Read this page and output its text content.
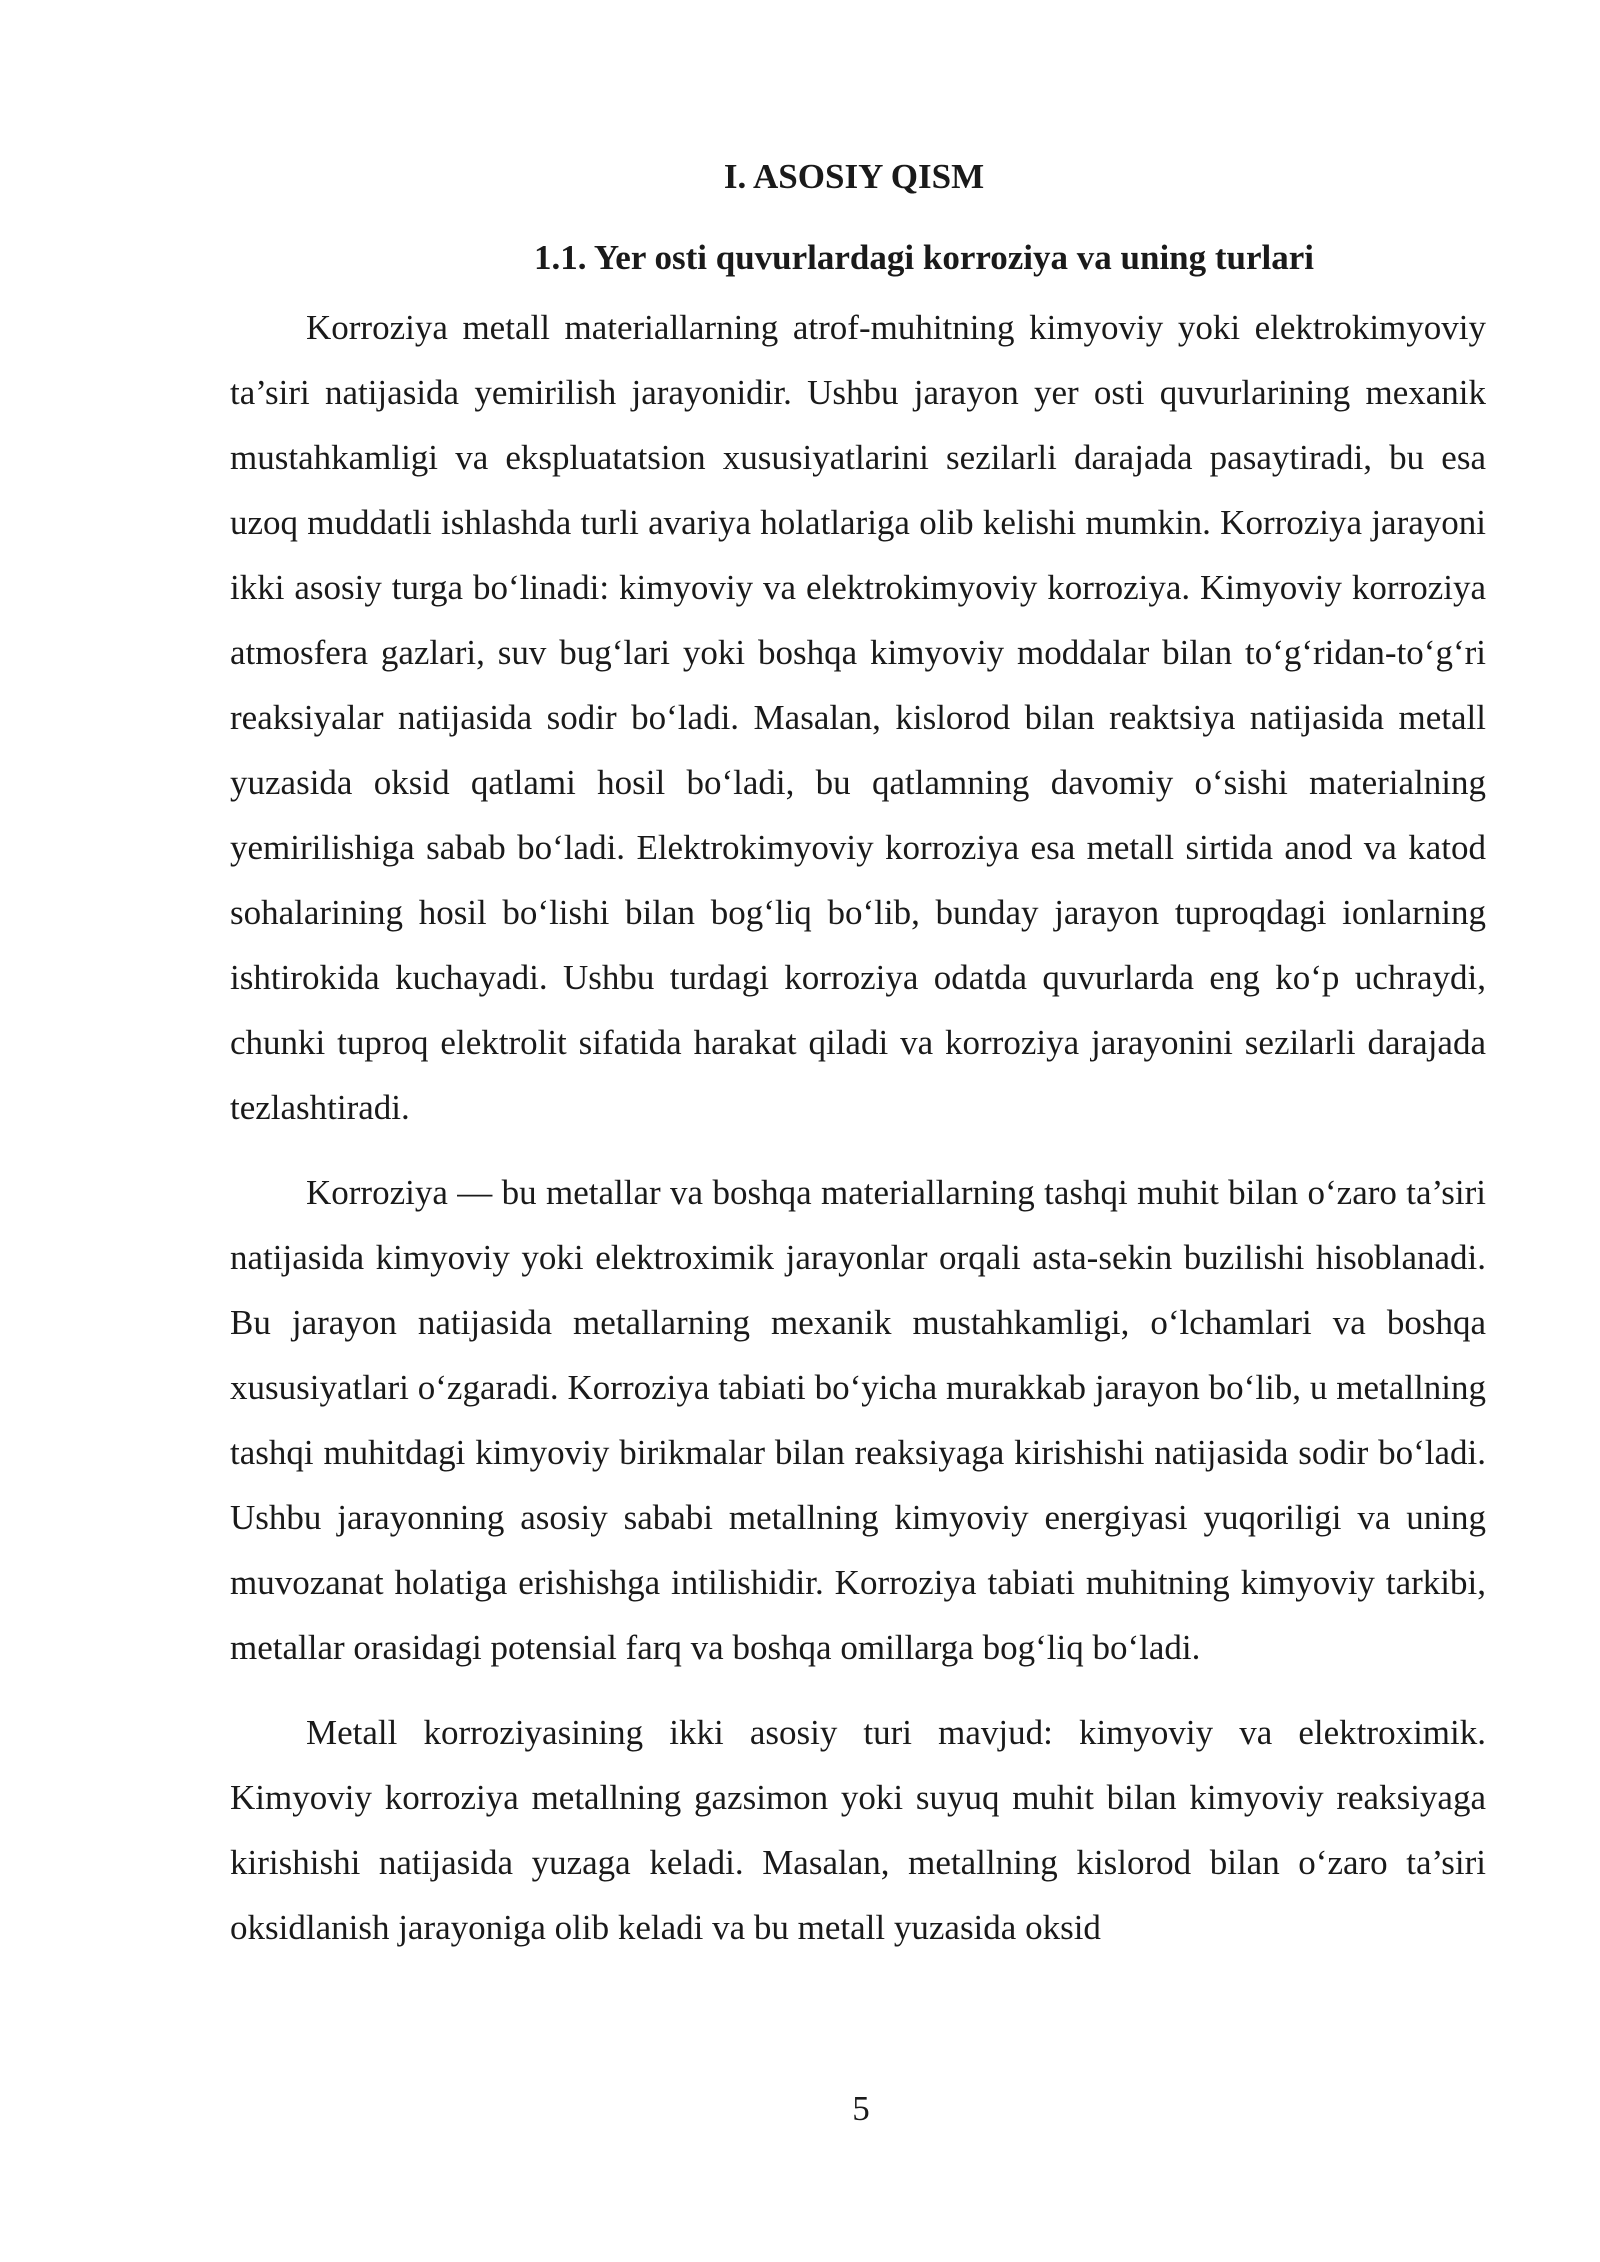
I. ASOSIY QISM
1.1. Yer osti quvurlardagi korroziya va uning turlari

Korroziya metall materiallarning atrof-muhitning kimyoviy yoki elektrokimyoviy ta’siri natijasida yemirilish jarayonidir. Ushbu jarayon yer osti quvurlarining mexanik mustahkamligi va ekspluatatsion xususiyatlarini sezilarli darajada pasaytiradi, bu esa uzoq muddatli ishlashda turli avariya holatlariga olib kelishi mumkin. Korroziya jarayoni ikki asosiy turga bo‘linadi: kimyoviy va elektrokimyoviy korroziya. Kimyoviy korroziya atmosfera gazlari, suv bug‘lari yoki boshqa kimyoviy moddalar bilan to‘g‘ridan-to‘g‘ri reaksiyalar natijasida sodir bo‘ladi. Masalan, kislorod bilan reaktsiya natijasida metall yuzasida oksid qatlami hosil bo‘ladi, bu qatlamning davomiy o‘sishi materialning yemirilishiga sabab bo‘ladi. Elektrokimyoviy korroziya esa metall sirtida anod va katod sohalarining hosil bo‘lishi bilan bog‘liq bo‘lib, bunday jarayon tuproqdagi ionlarning ishtirokida kuchayadi. Ushbu turdagi korroziya odatda quvurlarda eng ko‘p uchraydi, chunki tuproq elektrolit sifatida harakat qiladi va korroziya jarayonini sezilarli darajada tezlashtiradi.

Korroziya — bu metallar va boshqa materiallarning tashqi muhit bilan o‘zaro ta’siri natijasida kimyoviy yoki elektroximik jarayonlar orqali asta-sekin buzilishi hisoblanadi. Bu jarayon natijasida metallarning mexanik mustahkamligi, o‘lchamlari va boshqa xususiyatlari o‘zgaradi. Korroziya tabiati bo‘yicha murakkab jarayon bo‘lib, u metallning tashqi muhitdagi kimyoviy birikmalar bilan reaksiyaga kirishishi natijasida sodir bo‘ladi. Ushbu jarayonning asosiy sababi metallning kimyoviy energiyasi yuqoriligi va uning muvozanat holatiga erishishga intilishidir. Korroziya tabiati muhitning kimyoviy tarkibi, metallar orasidagi potensial farq va boshqa omillarga bog‘liq bo‘ladi.

Metall korroziyasining ikki asosiy turi mavjud: kimyoviy va elektroximik. Kimyoviy korroziya metallning gazsimon yoki suyuq muhit bilan kimyoviy reaksiyaga kirishishi natijasida yuzaga keladi. Masalan, metallning kislorod bilan o‘zaro ta’siri oksidlanish jarayoniga olib keladi va bu metall yuzasida oksid

5
